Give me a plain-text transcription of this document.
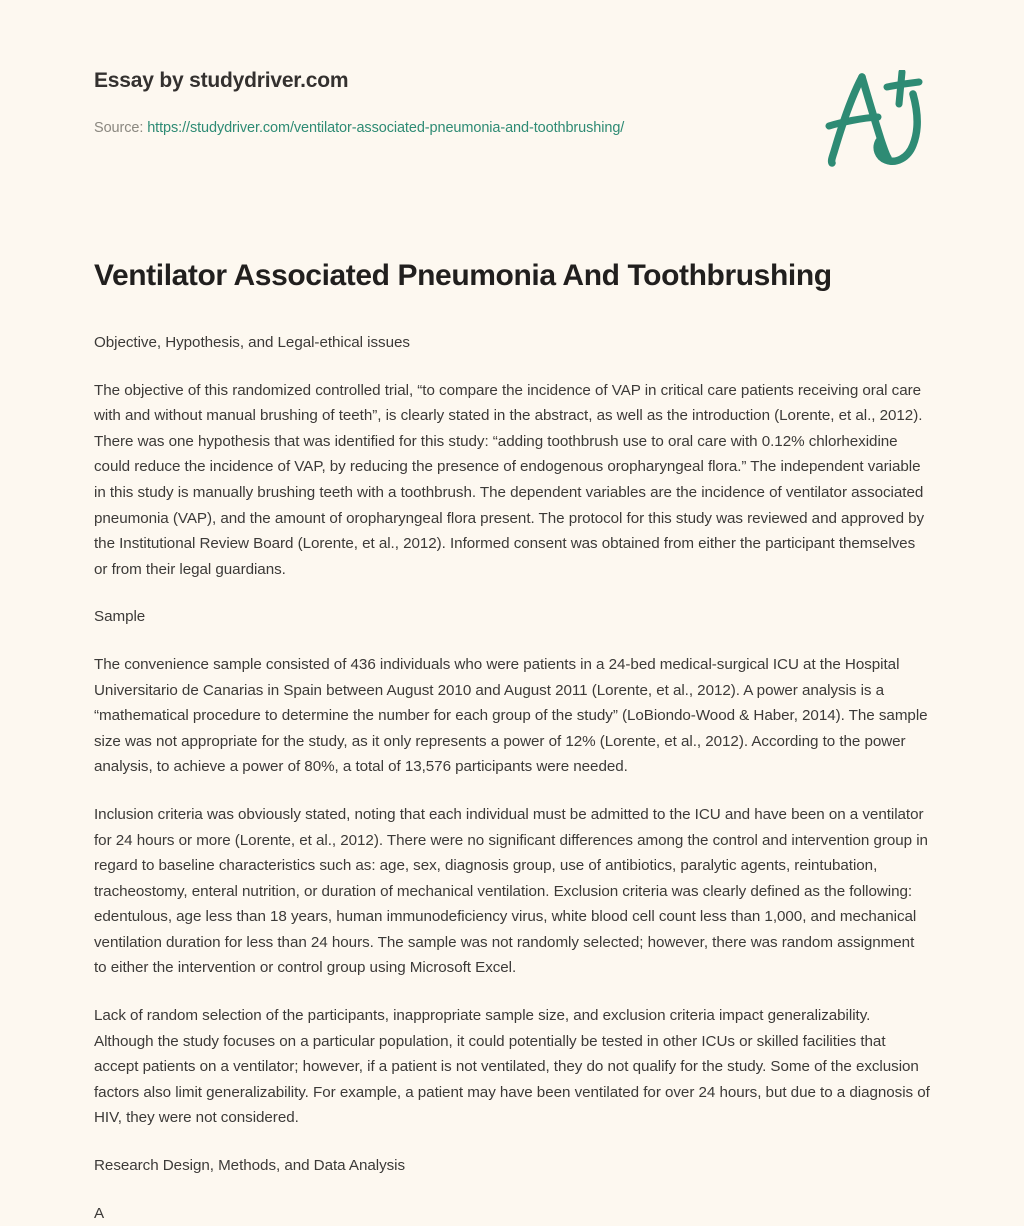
Essay by studydriver.com
Source: https://studydriver.com/ventilator-associated-pneumonia-and-toothbrushing/
Ventilator Associated Pneumonia And Toothbrushing

Objective, Hypothesis, and Legal-ethical issues

The objective of this randomized controlled trial, “to compare the incidence of VAP in critical care patients receiving oral care with and without manual brushing of teeth”, is clearly stated in the abstract, as well as the introduction (Lorente, et al., 2012). There was one hypothesis that was identified for this study: “adding toothbrush use to oral care with 0.12% chlorhexidine could reduce the incidence of VAP, by reducing the presence of endogenous oropharyngeal flora.” The independent variable in this study is manually brushing teeth with a toothbrush. The dependent variables are the incidence of ventilator associated pneumonia (VAP), and the amount of oropharyngeal flora present. The protocol for this study was reviewed and approved by the Institutional Review Board (Lorente, et al., 2012). Informed consent was obtained from either the participant themselves or from their legal guardians.

Sample

The convenience sample consisted of 436 individuals who were patients in a 24-bed medical-surgical ICU at the Hospital Universitario de Canarias in Spain between August 2010 and August 2011 (Lorente, et al., 2012). A power analysis is a “mathematical procedure to determine the number for each group of the study” (LoBiondo-Wood & Haber, 2014). The sample size was not appropriate for the study, as it only represents a power of 12% (Lorente, et al., 2012). According to the power analysis, to achieve a power of 80%, a total of 13,576 participants were needed.

Inclusion criteria was obviously stated, noting that each individual must be admitted to the ICU and have been on a ventilator for 24 hours or more (Lorente, et al., 2012). There were no significant differences among the control and intervention group in regard to baseline characteristics such as: age, sex, diagnosis group, use of antibiotics, paralytic agents, reintubation, tracheostomy, enteral nutrition, or duration of mechanical ventilation. Exclusion criteria was clearly defined as the following: edentulous, age less than 18 years, human immunodeficiency virus, white blood cell count less than 1,000, and mechanical ventilation duration for less than 24 hours. The sample was not randomly selected; however, there was random assignment to either the intervention or control group using Microsoft Excel.

Lack of random selection of the participants, inappropriate sample size, and exclusion criteria impact generalizability. Although the study focuses on a particular population, it could potentially be tested in other ICUs or skilled facilities that accept patients on a ventilator; however, if a patient is not ventilated, they do not qualify for the study. Some of the exclusion factors also limit generalizability. For example, a patient may have been ventilated for over 24 hours, but due to a diagnosis of HIV, they were not considered.

Research Design, Methods, and Data Analysis

A
